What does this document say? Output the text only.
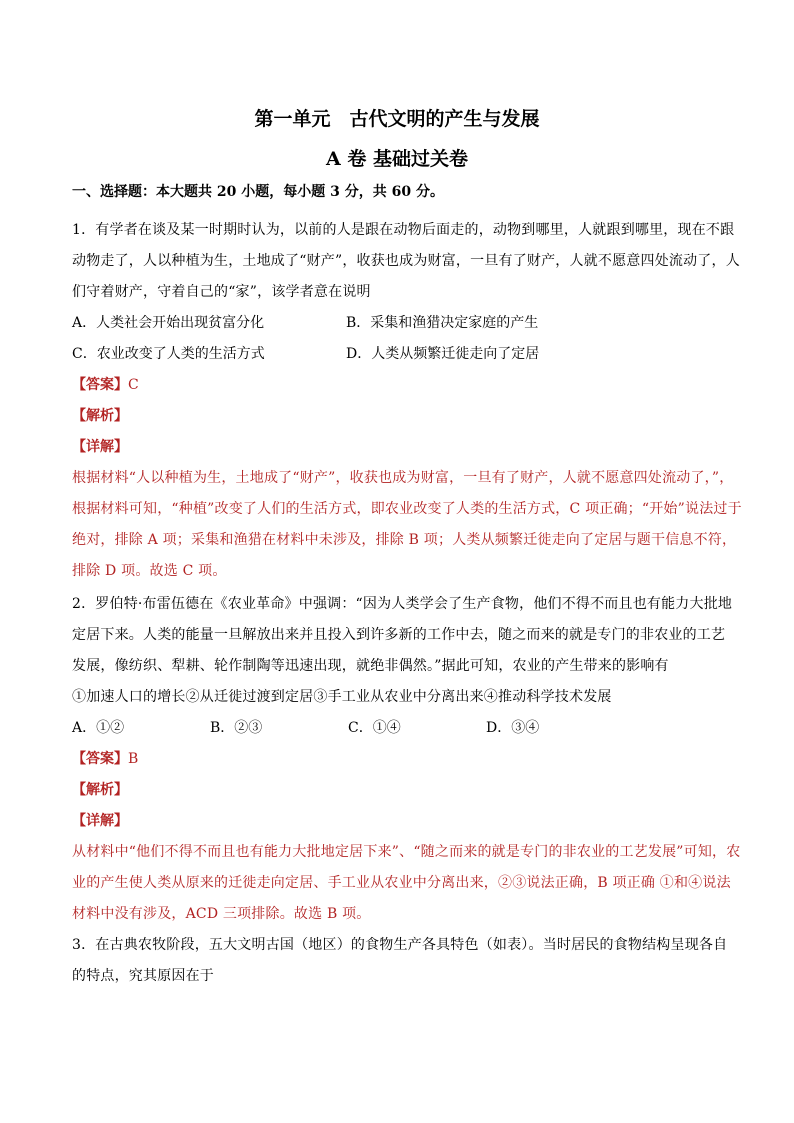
第一单元　古代文明的产生与发展
A 卷 基础过关卷
一、选择题：本大题共 20 小题，每小题 3 分，共 60 分。
1．有学者在谈及某一时期时认为，以前的人是跟在动物后面走的，动物到哪里，人就跟到哪里，现在不跟
动物走了，人以种植为生，土地成了“财产”，收获也成为财富，一旦有了财产，人就不愿意四处流动了，人
们守着财产，守着自己的“家”，该学者意在说明
A．人类社会开始出现贫富分化	B．采集和渔猎决定家庭的产生
C．农业改变了人类的生活方式	D．人类从频繁迁徙走向了定居
【答案】C
【解析】
【详解】
根据材料“人以种植为生，土地成了“财产”，收获也成为财富，一旦有了财产，人就不愿意四处流动了，”，
根据材料可知，“种植”改变了人们的生活方式，即农业改变了人类的生活方式，C 项正确；“开始”说法过于
绝对，排除 A 项；采集和渔猎在材料中未涉及，排除 B 项；人类从频繁迁徙走向了定居与题干信息不符，
排除 D 项。故选 C 项。
2．罗伯特·布雷伍德在《农业革命》中强调：“因为人类学会了生产食物，他们不得不而且也有能力大批地
定居下来。人类的能量一旦解放出来并且投入到许多新的工作中去，随之而来的就是专门的非农业的工艺
发展，像纺织、犁耕、轮作制陶等迅速出现，就绝非偶然。”据此可知，农业的产生带来的影响有
①加速人口的增长②从迁徙过渡到定居③手工业从农业中分离出来④推动科学技术发展
A．①②	B．②③	C．①④	D．③④
【答案】B
【解析】
【详解】
从材料中“他们不得不而且也有能力大批地定居下来”、“随之而来的就是专门的非农业的工艺发展”可知，农
业的产生使人类从原来的迁徙走向定居、手工业从农业中分离出来，②③说法正确，B 项正确 ①和④说法
材料中没有涉及，ACD 三项排除。故选 B 项。
3．在古典农牧阶段，五大文明古国（地区）的食物生产各具特色（如表）。当时居民的食物结构呈现各自
的特点，究其原因在于
